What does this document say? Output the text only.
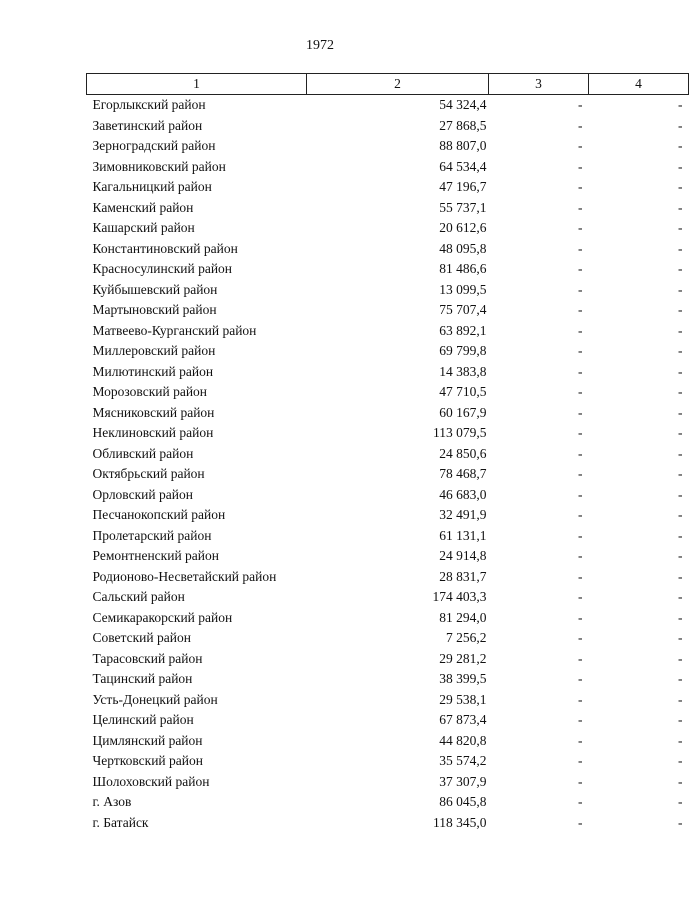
1972
1	2	3	4
Егорлыкский район	54 324,4	-	-
Заветинский район	27 868,5	-	-
Зерноградский район	88 807,0	-	-
Зимовниковский район	64 534,4	-	-
Кагальницкий район	47 196,7	-	-
Каменский район	55 737,1	-	-
Кашарский район	20 612,6	-	-
Константиновский район	48 095,8	-	-
Красносулинский район	81 486,6	-	-
Куйбышевский район	13 099,5	-	-
Мартыновский район	75 707,4	-	-
Матвеево-Курганский район	63 892,1	-	-
Миллеровский район	69 799,8	-	-
Милютинский район	14 383,8	-	-
Морозовский район	47 710,5	-	-
Мясниковский район	60 167,9	-	-
Неклиновский район	113 079,5	-	-
Обливский район	24 850,6	-	-
Октябрьский район	78 468,7	-	-
Орловский район	46 683,0	-	-
Песчанокопский район	32 491,9	-	-
Пролетарский район	61 131,1	-	-
Ремонтненский район	24 914,8	-	-
Родионово-Несветайский район	28 831,7	-	-
Сальский район	174 403,3	-	-
Семикаракорский район	81 294,0	-	-
Советский район	7 256,2	-	-
Тарасовский район	29 281,2	-	-
Тацинский район	38 399,5	-	-
Усть-Донецкий район	29 538,1	-	-
Целинский район	67 873,4	-	-
Цимлянский район	44 820,8	-	-
Чертковский район	35 574,2	-	-
Шолоховский район	37 307,9	-	-
г. Азов	86 045,8	-	-
г. Батайск	118 345,0	-	-
